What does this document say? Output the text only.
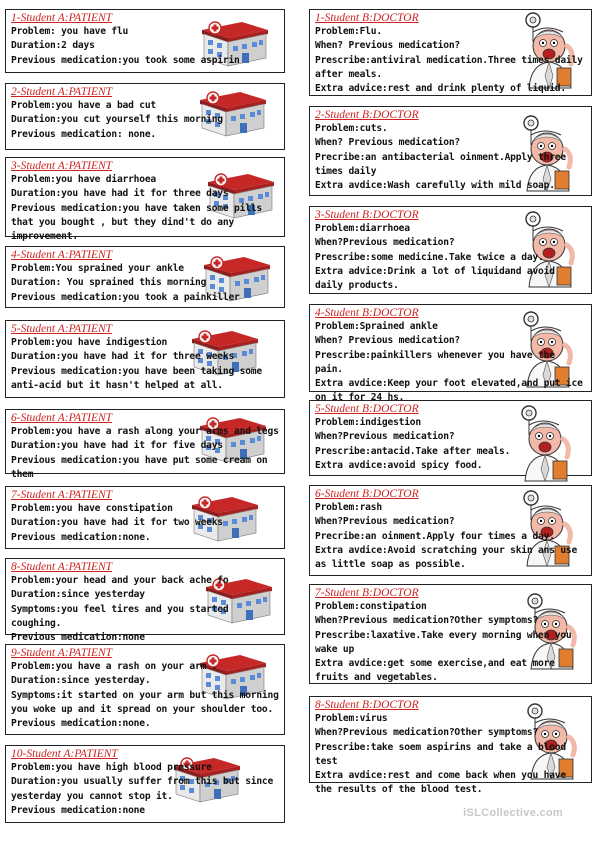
1-Student A:PATIENT
Problem: you have flu
Duration:2 days
Previous medication:you took some aspirin
2-Student A:PATIENT
Problem:you have a bad cut
Duration:you cut yourself this morning
Previous medication: none.
3-Student A:PATIENT
Problem:you have diarrhoea
Duration:you have had it for three days
Previous medication:you have taken some pills that you bought , but they dind't do any improvement.
4-Student A:PATIENT
Problem:You sprained your ankle
Duration: You sprained this morning
Previous medication:you took a painkiller
5-Student A:PATIENT
Problem:you have indigestion
Duration:you have had it for three weeks
Previous medication:you have been taking some anti-acid but it hasn't helped at all.
6-Student A:PATIENT
Problem:you have a rash along your arms and legs
Duration:you have had it for five days
Previous medication:you have put some cream on them
7-Student A:PATIENT
Problem:you have constipation
Duration:you have had it for two weeks
Previous medication:none.
8-Student A:PATIENT
Problem:your head and your back ache fo
Duration:since yesterday
Symptoms:you feel tires and you started coughing.
Previous medication:none
9-Student A:PATIENT
Problem:you have a rash on your arm .
Duration:since yesterday.
Symptoms:it started on your arm but this morning you woke up and it spread on your shoulder too.
Previous medication:none.
10-Student A:PATIENT
Problem:you have high blood pressure
Duration:you usually suffer from this but since yesterday you cannot stop it.
Previous medication:none
1-Student B:DOCTOR
Problem:Flu.
When? Previous medication?
Prescribe:antiviral medication.Three times daily after meals.
Extra advice:rest and drink plenty of liquid.
2-Student B:DOCTOR
Problem:cuts.
When? Previous medication?
Precribe:an antibacterial oinment.Apply three times daily
Extra avdice:Wash carefully with mild soap.
3-Student B:DOCTOR
Problem:diarrhoea
When?Previous medication?
Prescribe:some medicine.Take twice a day.
Extra advice:Drink a lot of liquidand avoid daily products.
4-Student B:DOCTOR
Problem:Sprained ankle
When? Previous medication?
Prescribe:painkillers whenever you have the pain.
Extra avdice:Keep your foot elevated,and put ice on it for 24 hs.
5-Student B:DOCTOR
Problem:indigestion
When?Previous medication?
Prescribe:antacid.Take after meals.
Extra avdice:avoid spicy food.
6-Student B:DOCTOR
Problem:rash
When?Previous medication?
Precribe:an oinment.Apply four times a day.
Extra avdice:Avoid scratching your skin ans use as little soap as possible.
7-Student B:DOCTOR
Problem:constipation
When?Previous medication?Other symptoms?
Prescribe:laxative.Take every morning when you wake up
Extra avdice:get some exercise,and eat more fruits and vegetables.
8-Student B:DOCTOR
Problem:virus
When?Previous medication?Other symptoms?
Prescribe:take soem aspirins and take a blood test
Extra avdice:rest and come back when you have the results of the blood test.
iSLCollective.com
